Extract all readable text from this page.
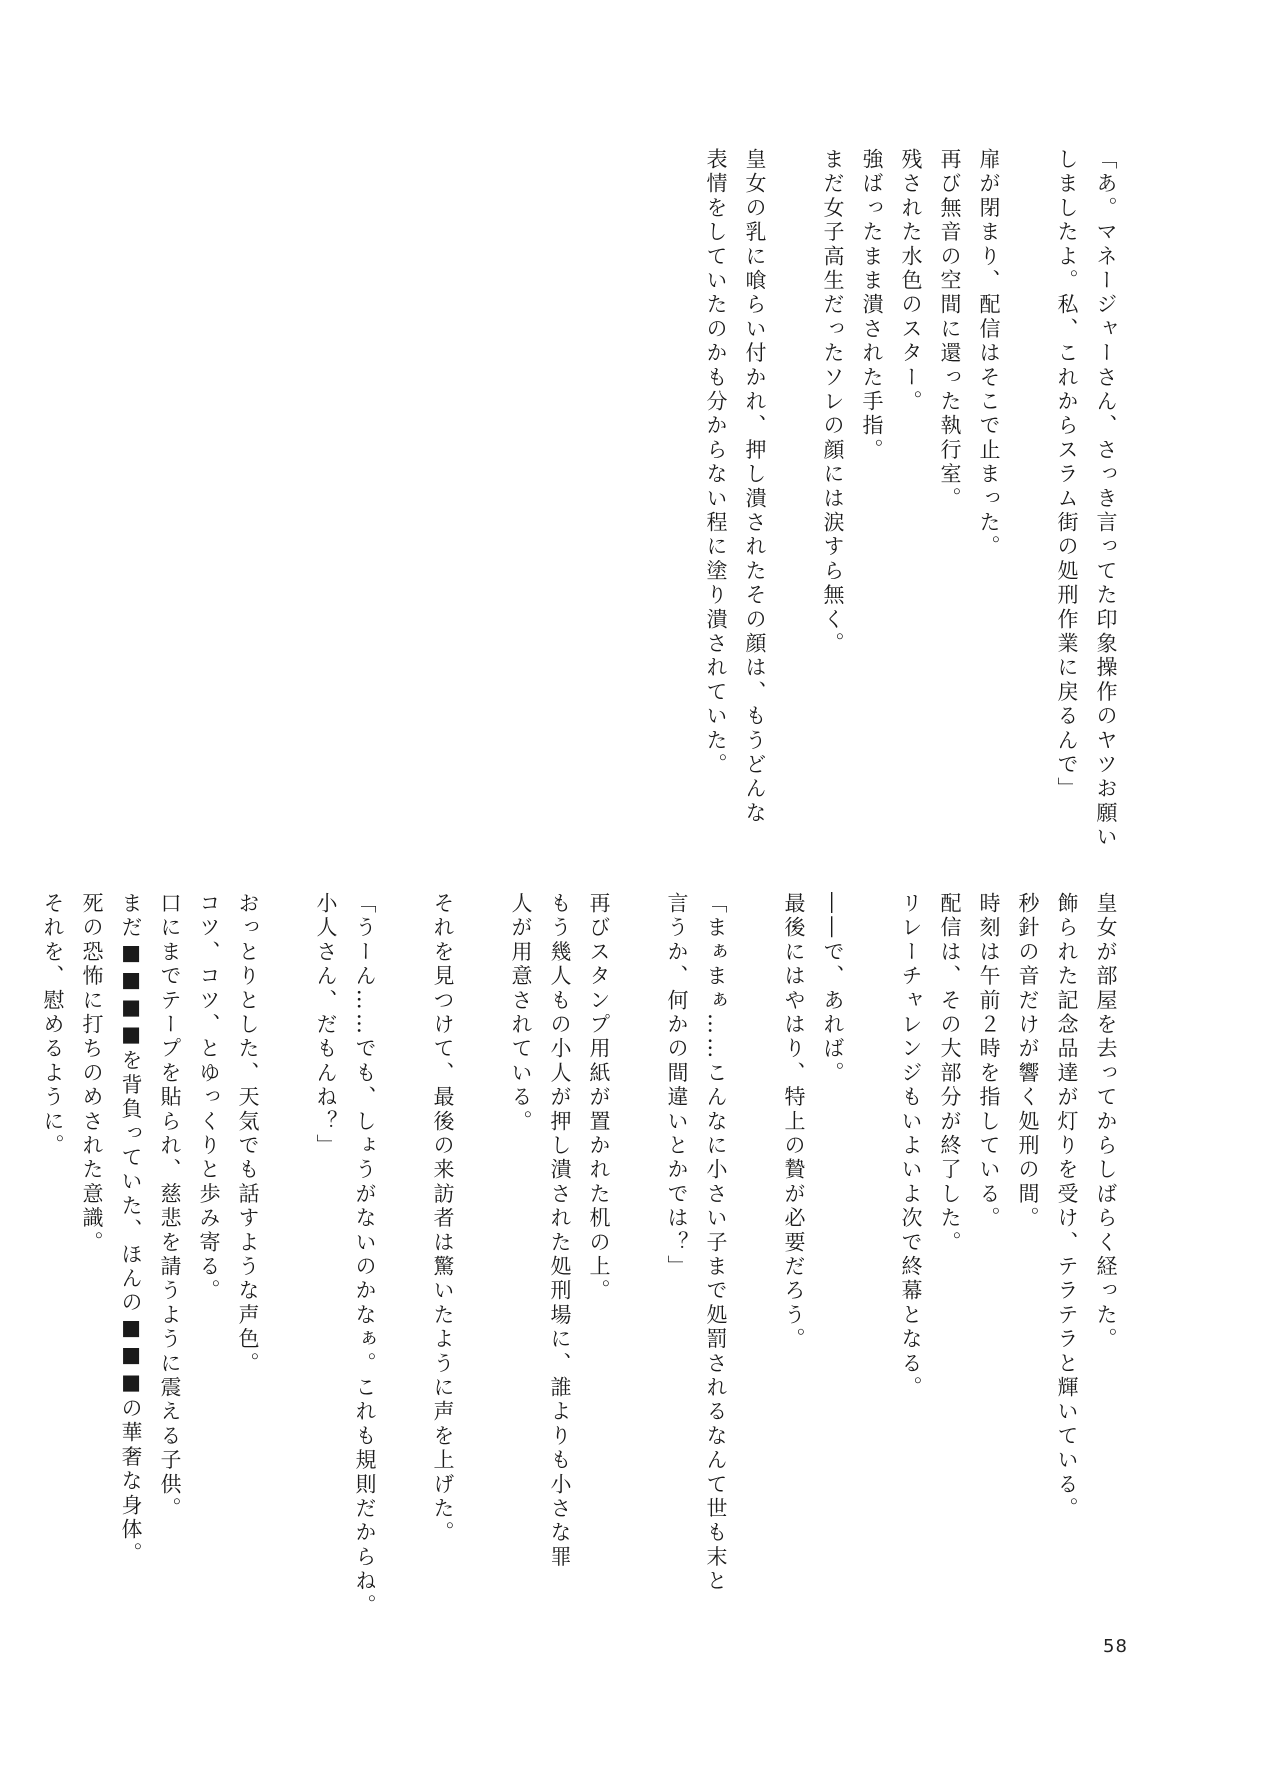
「あ。マネージャーさん、さっき言ってた印象操作のヤツお願い
しましたよ。私、これからスラム街の処刑作業に戻るんで」
扉が閉まり、配信はそこで止まった。
再び無音の空間に還った執行室。
残された水色のスター。
強ばったまま潰された手指。
まだ女子高生だったソレの顔には涙すら無く。
皇女の乳に喰らい付かれ、押し潰されたその顔は、もうどんな
表情をしていたのかも分からない程に塗り潰されていた。
皇女が部屋を去ってからしばらく経った。
飾られた記念品達が灯りを受け、テラテラと輝いている。
秒針の音だけが響く処刑の間。
時刻は午前２時を指している。
配信は、その大部分が終了した。
リレーチャレンジもいよいよ次で終幕となる。
――で、あれば。
最後にはやはり、特上の贄が必要だろう。
「まぁまぁ……こんなに小さい子まで処罰されるなんて世も末と
言うか、何かの間違いとかでは？」
再びスタンプ用紙が置かれた机の上。
もう幾人もの小人が押し潰された処刑場に、誰よりも小さな罪
人が用意されている。
それを見つけて、最後の来訪者は驚いたように声を上げた。
「うーん……でも、しょうがないのかなぁ。これも規則だからね。
小人さん、だもんね？」
おっとりとした、天気でも話すような声色。
コツ、コツ、とゆっくりと歩み寄る。
口にまでテープを貼られ、慈悲を請うように震える子供。
まだ■■■■を背負っていた、ほんの■■■の華奢な身体。
死の恐怖に打ちのめされた意識。
それを、慰めるように。
58
